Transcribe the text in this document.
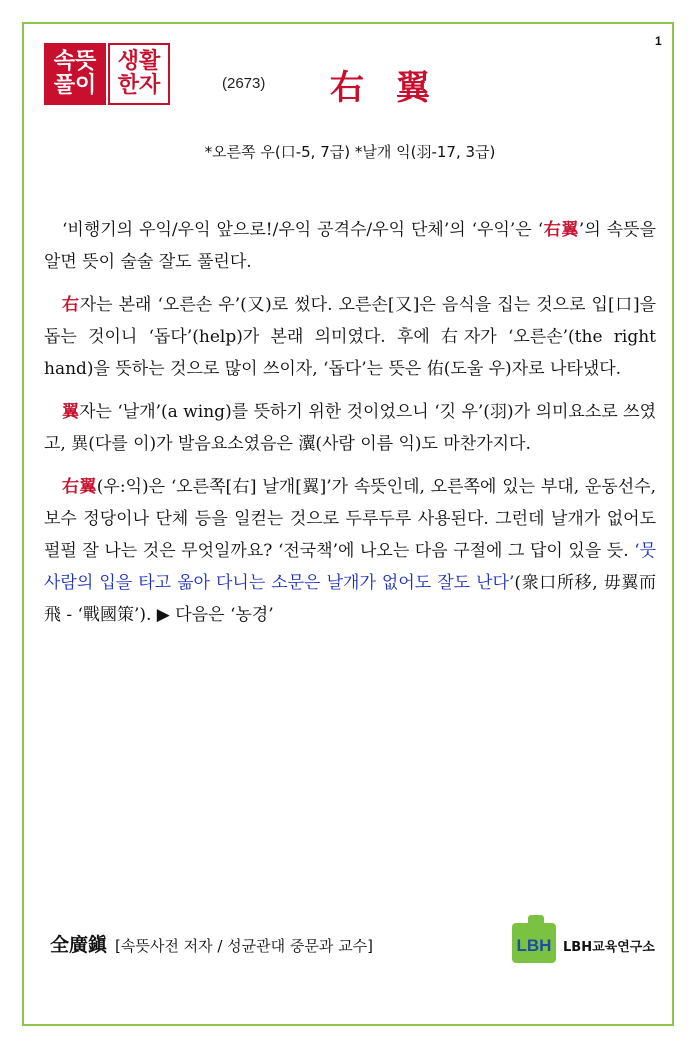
1
속뜻
풀이
생활
한자	(2673) 右 翼
*오른쪽 우(口-5, 7급) *날개 익(羽-17, 3급)

‘비행기의 우익/우익 앞으로!/우익 공격수/우익 단체’의 ‘우익’은 ‘右翼’의 속뜻을 알면 뜻이 술술 잘도 풀린다.

右자는 본래 ‘오른손 우’(又)로 썼다. 오른손[又]은 음식을 집는 것으로 입[口]을 돕는 것이니 ‘돕다’(help)가 본래 의미였다. 후에 右자가 ‘오른손’(the right hand)을 뜻하는 것으로 많이 쓰이자, ‘돕다’는 뜻은 佑(도울 우)자로 나타냈다.

翼자는 ‘날개’(a wing)를 뜻하기 위한 것이었으니 ‘깃 우’(羽)가 의미요소로 쓰였고, 異(다를 이)가 발음요소였음은 瀷(사람 이름 익)도 마찬가지다.

右翼(우:익)은 ‘오른쪽[右] 날개[翼]’가 속뜻인데, 오른쪽에 있는 부대, 운동선수, 보수 정당이나 단체 등을 일컫는 것으로 두루두루 사용된다. 그런데 날개가 없어도 펄펄 잘 나는 것은 무엇일까요? ‘전국책’에 나오는 다음 구절에 그 답이 있을 듯. ‘뭇사람의 입을 타고 옮아 다니는 소문은 날개가 없어도 잘도 난다’(衆口所移, 毋翼而飛 - ‘戰國策’). ▶ 다음은 ‘농경’

全廣鎭 [속뜻사전 저자 / 성균관대 중문과 교수]	LBH LBH교육연구소
